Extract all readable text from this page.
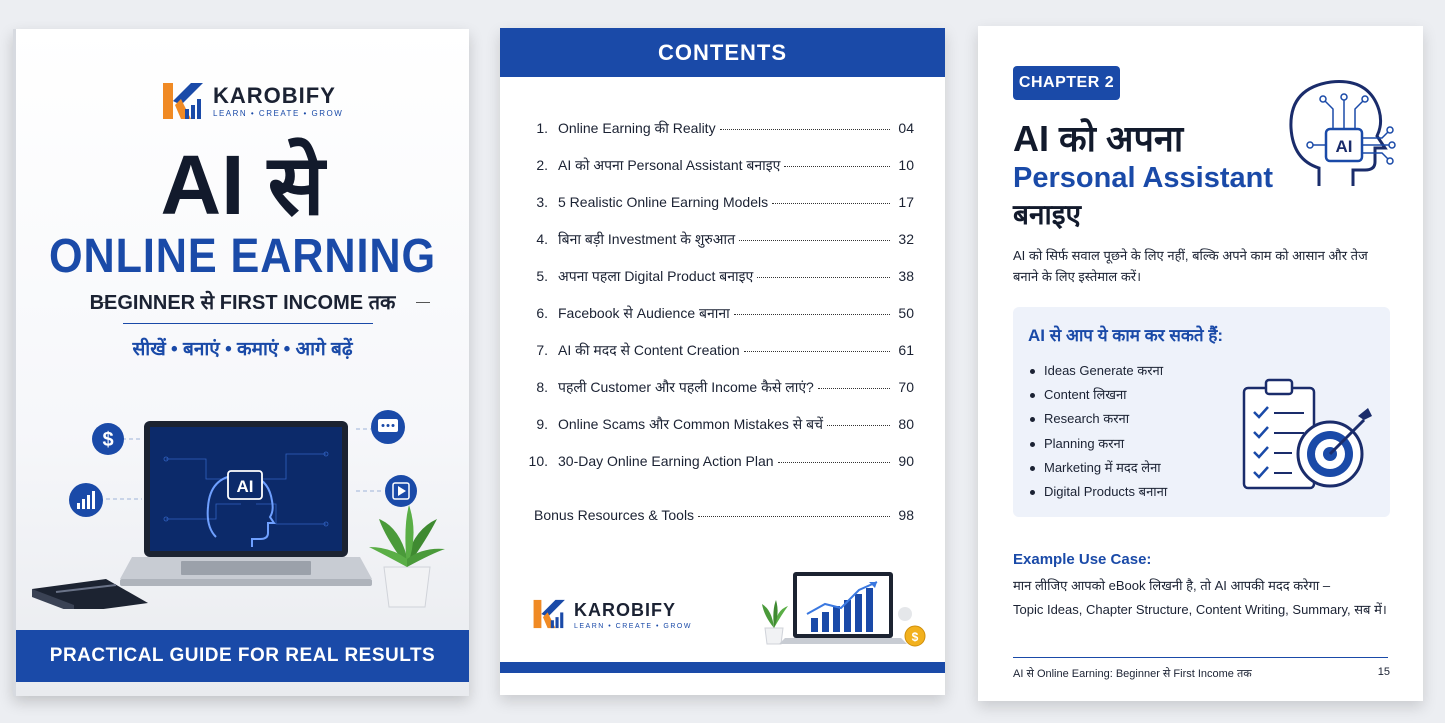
KAROBIFY
LEARN • CREATE • GROW
AI से
ONLINE EARNING
BEGINNER से FIRST INCOME तक
सीखें • बनाएं • कमाएं • आगे बढ़ें
$
AI
PRACTICAL GUIDE FOR REAL RESULTS
CONTENTS
1. Online Earning की Reality	04
2. AI को अपना Personal Assistant बनाइए	10
3. 5 Realistic Online Earning Models	17
4. बिना बड़ी Investment के शुरुआत	32
5. अपना पहला Digital Product बनाइए	38
6. Facebook से Audience बनाना	50
7. AI की मदद से Content Creation	61
8. पहली Customer और पहली Income कैसे लाएं?	70
9. Online Scams और Common Mistakes से बचें	80
10. 30-Day Online Earning Action Plan	90
Bonus Resources & Tools	98
KAROBIFY
LEARN • CREATE • GROW
$
CHAPTER 2
AI
AI को अपना
Personal Assistant
बनाइए
AI को सिर्फ सवाल पूछने के लिए नहीं, बल्कि अपने काम को आसान और तेज बनाने के लिए इस्तेमाल करें।
AI से आप ये काम कर सकते हैं:
Ideas Generate करना
Content लिखना
Research करना
Planning करना
Marketing में मदद लेना
Digital Products बनाना
Example Use Case:
मान लीजिए आपको eBook लिखनी है, तो AI आपकी मदद करेगा –
Topic Ideas, Chapter Structure, Content Writing, Summary, सब में।
AI से Online Earning: Beginner से First Income तक	15
